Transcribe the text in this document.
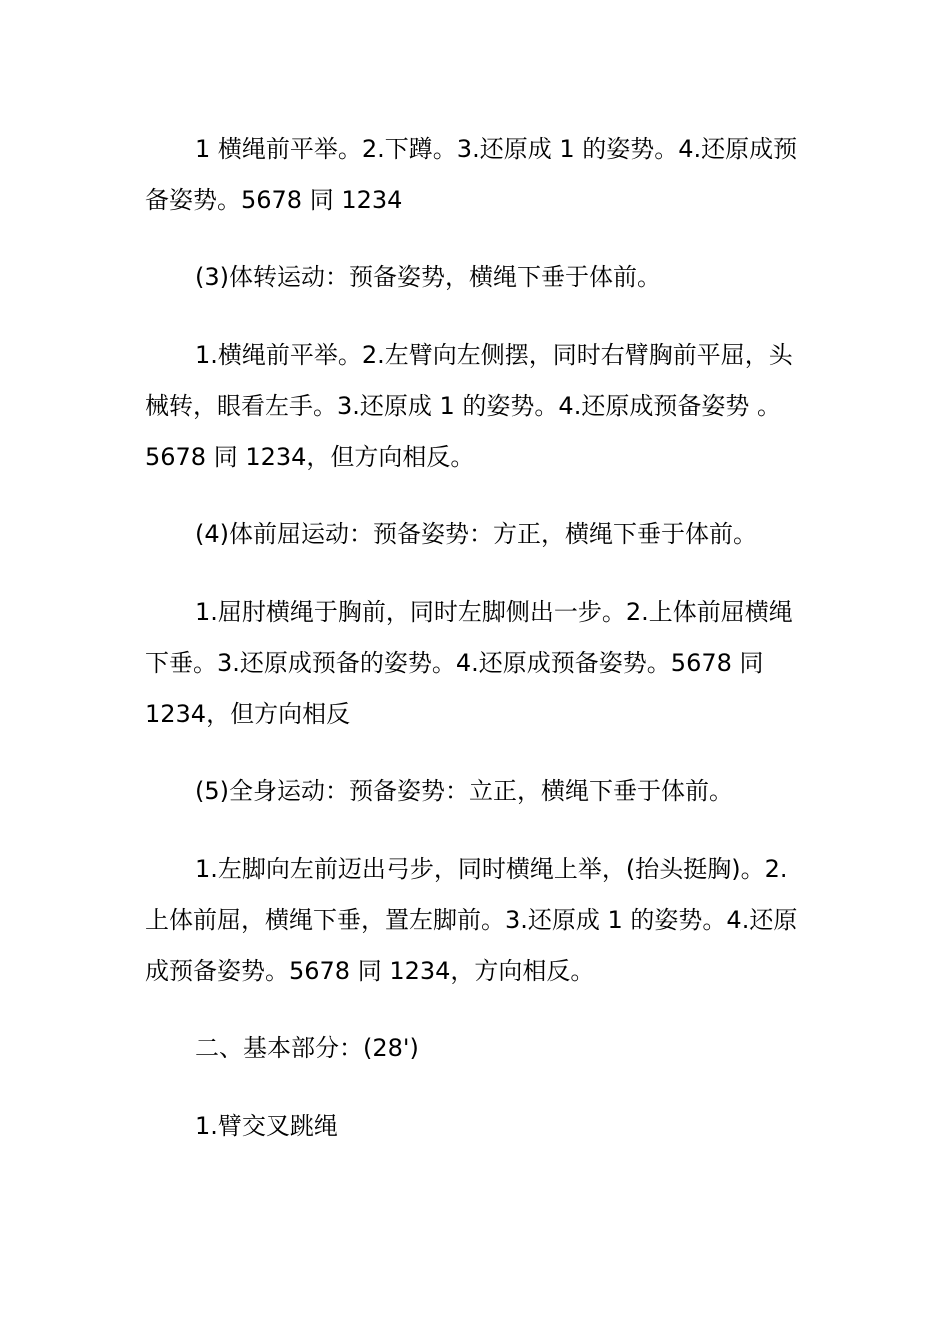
1 横绳前平举。2.下蹲。3.还原成 1 的姿势。4.还原成预
备姿势。5678 同 1234

(3)体转运动：预备姿势，横绳下垂于体前。

1.横绳前平举。2.左臂向左侧摆，同时右臂胸前平屈，头
械转，眼看左手。3.还原成 1 的姿势。4.还原成预备姿势 。
5678 同 1234，但方向相反。

(4)体前屈运动：预备姿势：方正，横绳下垂于体前。

1.屈肘横绳于胸前，同时左脚侧出一步。2.上体前屈横绳
下垂。3.还原成预备的姿势。4.还原成预备姿势。5678 同
1234，但方向相反

(5)全身运动：预备姿势：立正，横绳下垂于体前。

1.左脚向左前迈出弓步，同时横绳上举，(抬头挺胸)。2.
上体前屈，横绳下垂，置左脚前。3.还原成 1 的姿势。4.还原
成预备姿势。5678 同 1234，方向相反。

二、基本部分：(28')

1.臂交叉跳绳
